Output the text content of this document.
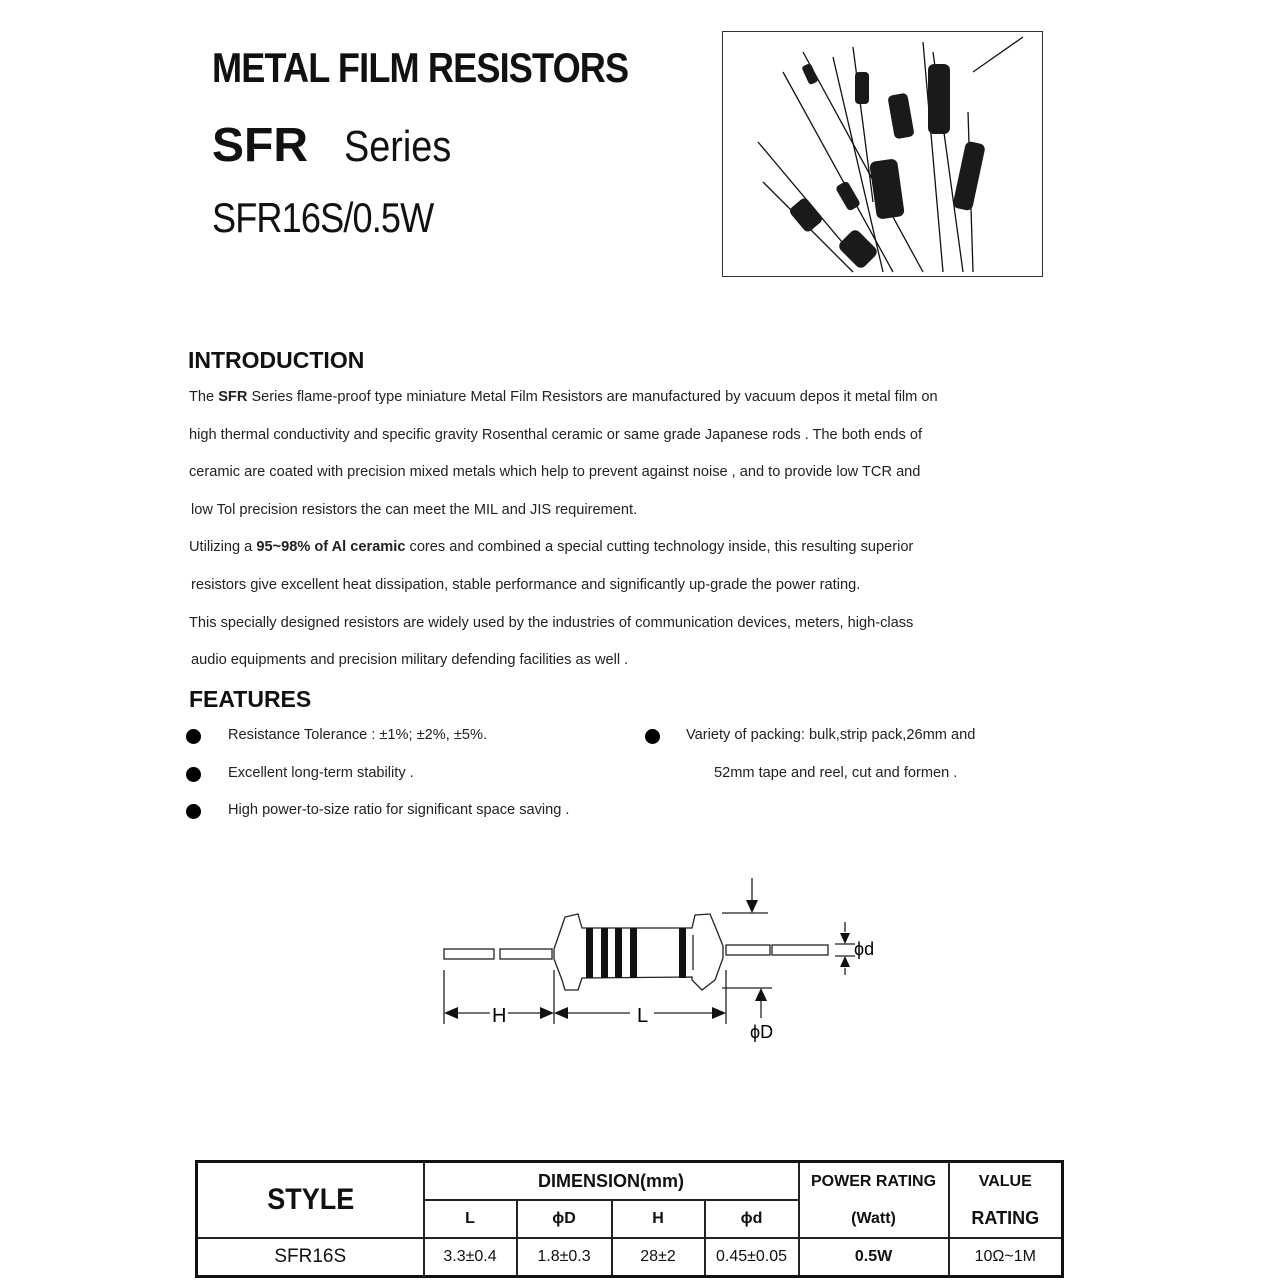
METAL FILM RESISTORS
SFR Series
SFR16S/0.5W
INTRODUCTION
The SFR Series flame-proof type miniature Metal Film Resistors are manufactured by vacuum depos it metal film on
high thermal conductivity and specific gravity Rosenthal ceramic or same grade Japanese rods . The both ends of
ceramic are coated with precision mixed metals which help to prevent against noise , and to provide low TCR and
low Tol precision resistors the can meet the MIL and JIS requirement.
Utilizing a 95~98% of Al ceramic cores and combined a special cutting technology inside, this resulting superior
resistors give excellent heat dissipation, stable performance and significantly up-grade the power rating.
This specially designed resistors are widely used by the industries of communication devices, meters, high-class
audio equipments and precision military defending facilities as well .
FEATURES
Resistance Tolerance : ±1%; ±2%, ±5%.
Excellent long-term stability .
High power-to-size ratio for significant space saving .
Variety of packing: bulk,strip pack,26mm and
52mm tape and reel, cut and formen .
H	L
ϕD
ϕd
STYLE	DIMENSION(mm)				POWER RATING	VALUE
	L	ϕD	H	ϕd	(Watt)	RATING
SFR16S	3.3±0.4	1.8±0.3	28±2	0.45±0.05	0.5W	10Ω~1M
